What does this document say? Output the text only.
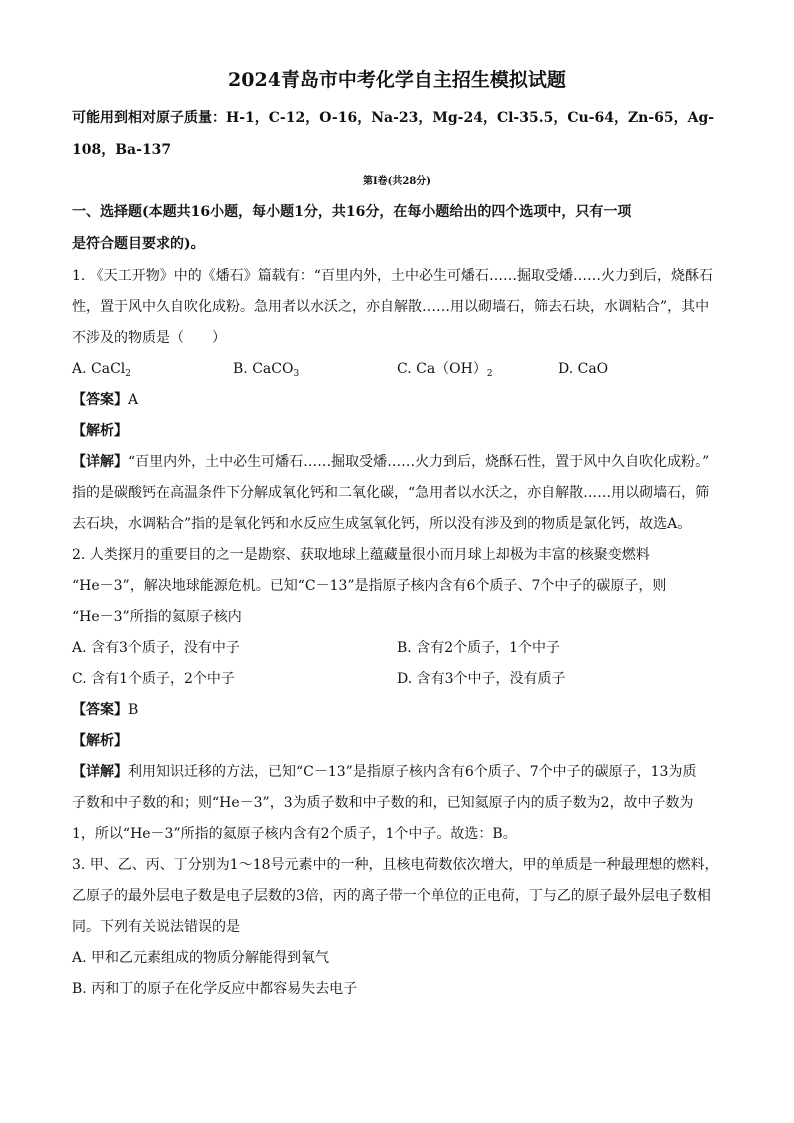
2024青岛市中考化学自主招生模拟试题
可能用到相对原子质量：H-1，C-12，O-16，Na-23，Mg-24，Cl-35.5，Cu-64，Zn-65，Ag-
108，Ba-137
第I卷(共28分)
一、选择题(本题共16小题，每小题1分，共16分，在每小题给出的四个选项中，只有一项
是符合题目要求的)。
1. 《天工开物》中的《燔石》篇载有：“百里内外，土中必生可燔石……掘取受燔……火力到后，烧酥石
性，置于风中久自吹化成粉。急用者以水沃之，亦自解散……用以砌墙石，筛去石块，水调粘合”，其中
不涉及的物质是（　　）
A. CaCl$_2$	B. CaCO$_3$	C. $Ca(OH)_2$	D. CaO
【答案】A
【解析】
【详解】“百里内外，土中必生可燔石……掘取受燔……火力到后，烧酥石性，置于风中久自吹化成粉。”
指的是碳酸钙在高温条件下分解成氧化钙和二氧化碳，“急用者以水沃之，亦自解散……用以砌墙石，筛
去石块，水调粘合”指的是氧化钙和水反应生成氢氧化钙，所以没有涉及到的物质是氯化钙，故选A。
2. 人类探月的重要目的之一是勘察、获取地球上蕴藏量很小而月球上却极为丰富的核聚变燃料
“He－3”，解决地球能源危机。已知“C－13”是指原子核内含有6个质子、7个中子的碳原子，则
“He－3”所指的氦原子核内
A. 含有3个质子，没有中子	B. 含有2个质子，1个中子
C. 含有1个质子，2个中子	D. 含有3个中子，没有质子
【答案】B
【解析】
【详解】利用知识迁移的方法，已知“C－13”是指原子核内含有6个质子、7个中子的碳原子，13为质
子数和中子数的和；则“He－3”，3为质子数和中子数的和，已知氦原子内的质子数为2，故中子数为
1，所以“He－3”所指的氦原子核内含有2个质子，1个中子。故选：B。
3. 甲、乙、丙、丁分别为1～18号元素中的一种，且核电荷数依次增大，甲的单质是一种最理想的燃料，
乙原子的最外层电子数是电子层数的3倍，丙的离子带一个单位的正电荷，丁与乙的原子最外层电子数相
同。下列有关说法错误的是
A. 甲和乙元素组成的物质分解能得到氧气
B. 丙和丁的原子在化学反应中都容易失去电子
